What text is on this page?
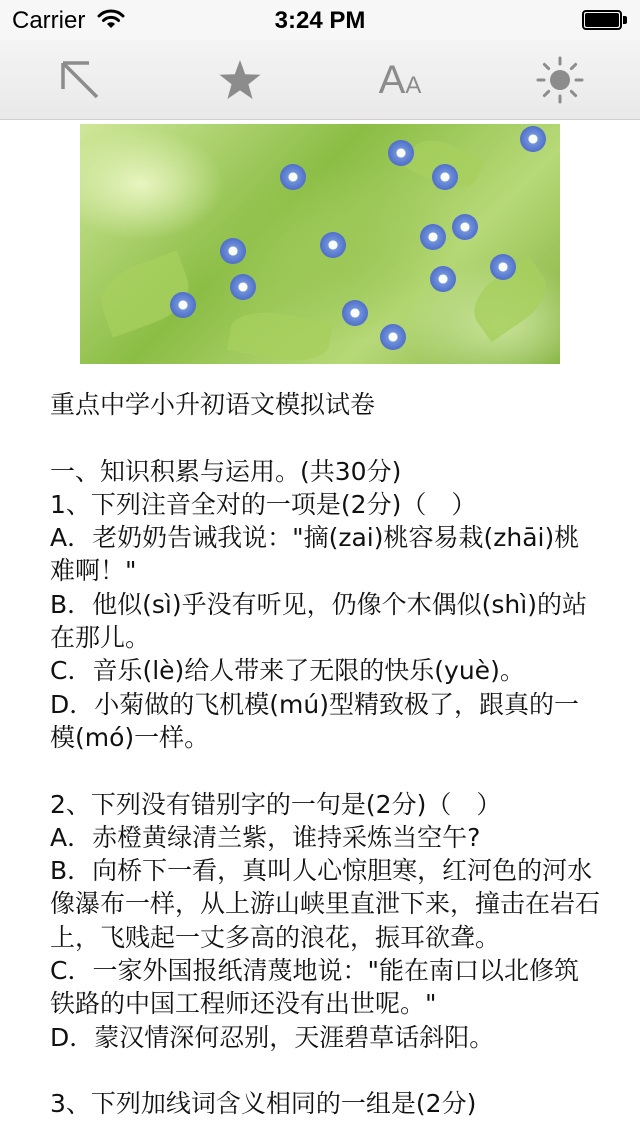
Carrier	3:24 PM
AA

重点中学小升初语文模拟试卷

一、知识积累与运用。(共30分)

1、下列注音全对的一项是(2分)（　）

A．老奶奶告诫我说："摘(zai)桃容易栽(zhāi)桃难啊！"

B．他似(sì)乎没有听见，仍像个木偶似(shì)的站在那儿。

C．音乐(lè)给人带来了无限的快乐(yuè)。

D．小菊做的飞机模(mú)型精致极了，跟真的一模(mó)一样。

2、下列没有错别字的一句是(2分)（　）

A．赤橙黄绿清兰紫，谁持采炼当空午?

B．向桥下一看，真叫人心惊胆寒，红河色的河水像瀑布一样，从上游山峡里直泄下来，撞击在岩石上，飞贱起一丈多高的浪花，振耳欲聋。

C．一家外国报纸清蔑地说："能在南口以北修筑铁路的中国工程师还没有出世呢。"

D．蒙汉情深何忍别，天涯碧草话斜阳。

3、下列加线词含义相同的一组是(2分)
